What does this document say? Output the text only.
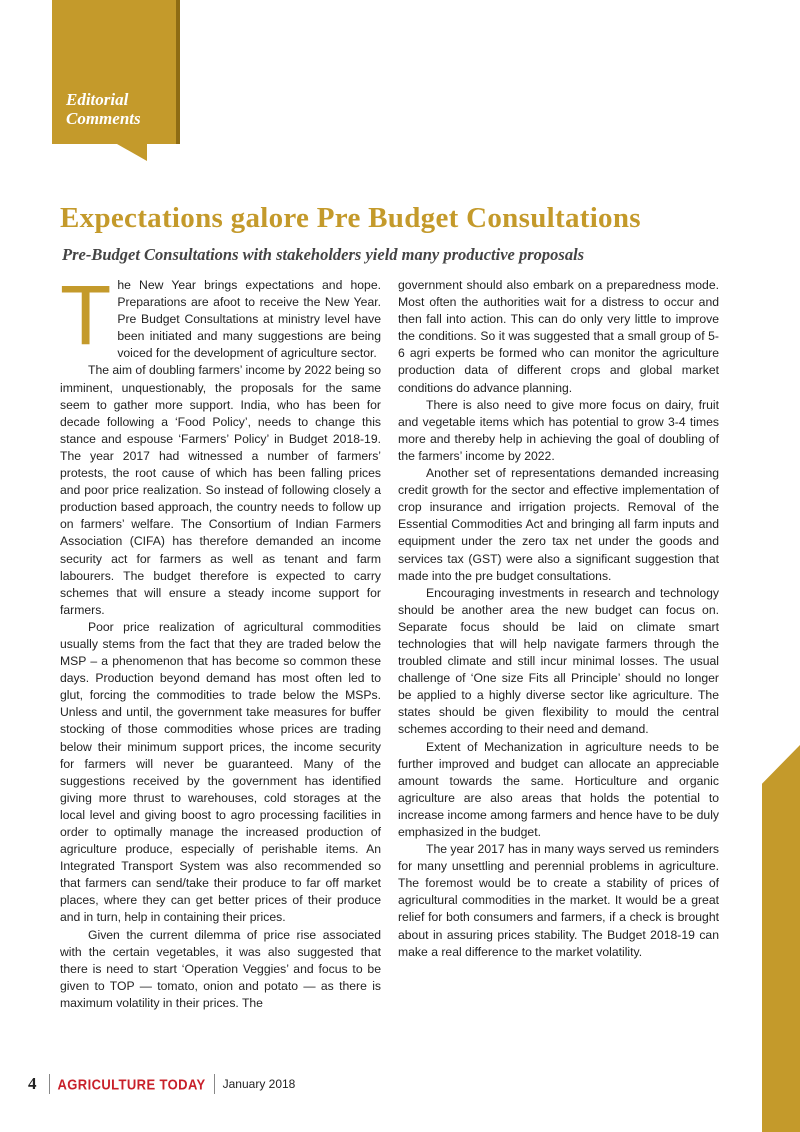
Editorial
Comments

Expectations galore Pre Budget Consultations

Pre-Budget Consultations with stakeholders yield many productive proposals

The New Year brings expectations and hope. Preparations are afoot to receive the New Year. Pre Budget Consultations at ministry level have been initiated and many suggestions are being voiced for the development of agriculture sector.

The aim of doubling farmers’ income by 2022 being so imminent, unquestionably, the proposals for the same seem to gather more support. India, who has been for decade following a ‘Food Policy’, needs to change this stance and espouse ‘Farmers’ Policy’ in Budget 2018-19. The year 2017 had witnessed a number of farmers’ protests, the root cause of which has been falling prices and poor price realization. So instead of following closely a production based approach, the country needs to follow up on farmers’ welfare. The Consortium of Indian Farmers Association (CIFA) has therefore demanded an income security act for farmers as well as tenant and farm labourers. The budget therefore is expected to carry schemes that will ensure a steady income support for farmers.

Poor price realization of agricultural commodities usually stems from the fact that they are traded below the MSP – a phenomenon that has become so common these days. Production beyond demand has most often led to glut, forcing the commodities to trade below the MSPs. Unless and until, the government take measures for buffer stocking of those commodities whose prices are trading below their minimum support prices, the income security for farmers will never be guaranteed. Many of the suggestions received by the government has identified giving more thrust to warehouses, cold storages at the local level and giving boost to agro processing facilities in order to optimally manage the increased production of agriculture produce, especially of perishable items. An Integrated Transport System was also recommended so that farmers can send/take their produce to far off market places, where they can get better prices of their produce and in turn, help in containing their prices.

Given the current dilemma of price rise associated with the certain vegetables, it was also suggested that there is need to start ‘Operation Veggies’ and focus to be given to TOP — tomato, onion and potato — as there is maximum volatility in their prices. The

government should also embark on a preparedness mode. Most often the authorities wait for a distress to occur and then fall into action. This can do only very little to improve the conditions. So it was suggested that a small group of 5-6 agri experts be formed who can monitor the agriculture production data of different crops and global market conditions do advance planning.

There is also need to give more focus on dairy, fruit and vegetable items which has potential to grow 3-4 times more and thereby help in achieving the goal of doubling of the farmers’ income by 2022.

Another set of representations demanded increasing credit growth for the sector and effective implementation of crop insurance and irrigation projects. Removal of the Essential Commodities Act and bringing all farm inputs and equipment under the zero tax net under the goods and services tax (GST) were also a significant suggestion that made into the pre budget consultations.

Encouraging investments in research and technology should be another area the new budget can focus on. Separate focus should be laid on climate smart technologies that will help navigate farmers through the troubled climate and still incur minimal losses. The usual challenge of ‘One size Fits all Principle’ should no longer be applied to a highly diverse sector like agriculture. The states should be given flexibility to mould the central schemes according to their need and demand.

Extent of Mechanization in agriculture needs to be further improved and budget can allocate an appreciable amount towards the same. Horticulture and organic agriculture are also areas that holds the potential to increase income among farmers and hence have to be duly emphasized in the budget.

The year 2017 has in many ways served us reminders for many unsettling and perennial problems in agriculture. The foremost would be to create a stability of prices of agricultural commodities in the market. It would be a great relief for both consumers and farmers, if a check is brought about in assuring prices stability. The Budget 2018-19 can make a real difference to the market volatility.

4 AGRICULTURE TODAY January 2018
